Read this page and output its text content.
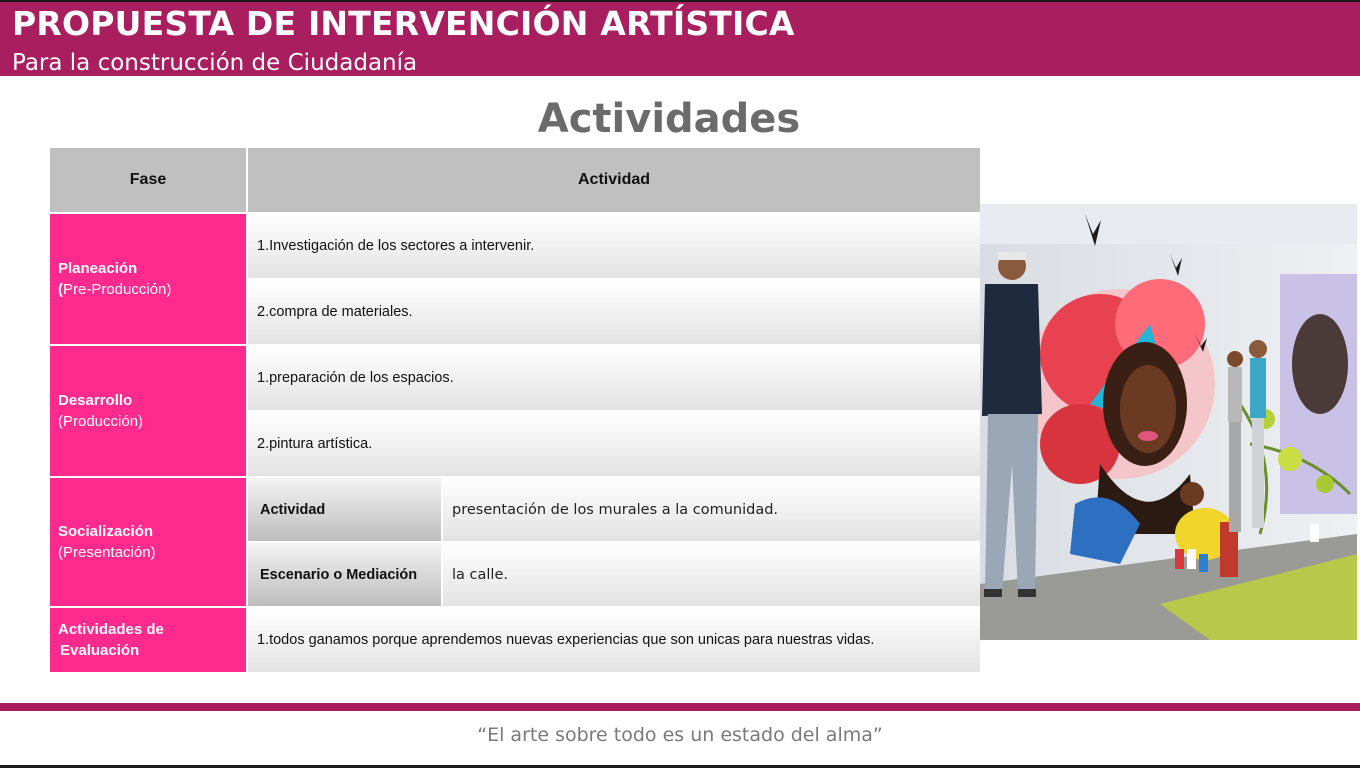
PROPUESTA DE INTERVENCIÓN ARTÍSTICA
Para la construcción de Ciudadanía
Actividades
Fase	Actividad	
Planeación
(Pre-Producción)	1.Investigación de los sectores a intervenir.	
	2.compra de materiales.	
Desarrollo
(Producción)	1.preparación de los espacios.	
	2.pintura artística.	
Socialización
(Presentación)	Actividad	presentación de los murales a la comunidad.
	Escenario o Mediación	la calle.
Actividades de
Evaluación	1.todos ganamos porque aprendemos nuevas experiencias que son unicas para nuestras vidas.	
“El arte sobre todo es un estado del alma”
